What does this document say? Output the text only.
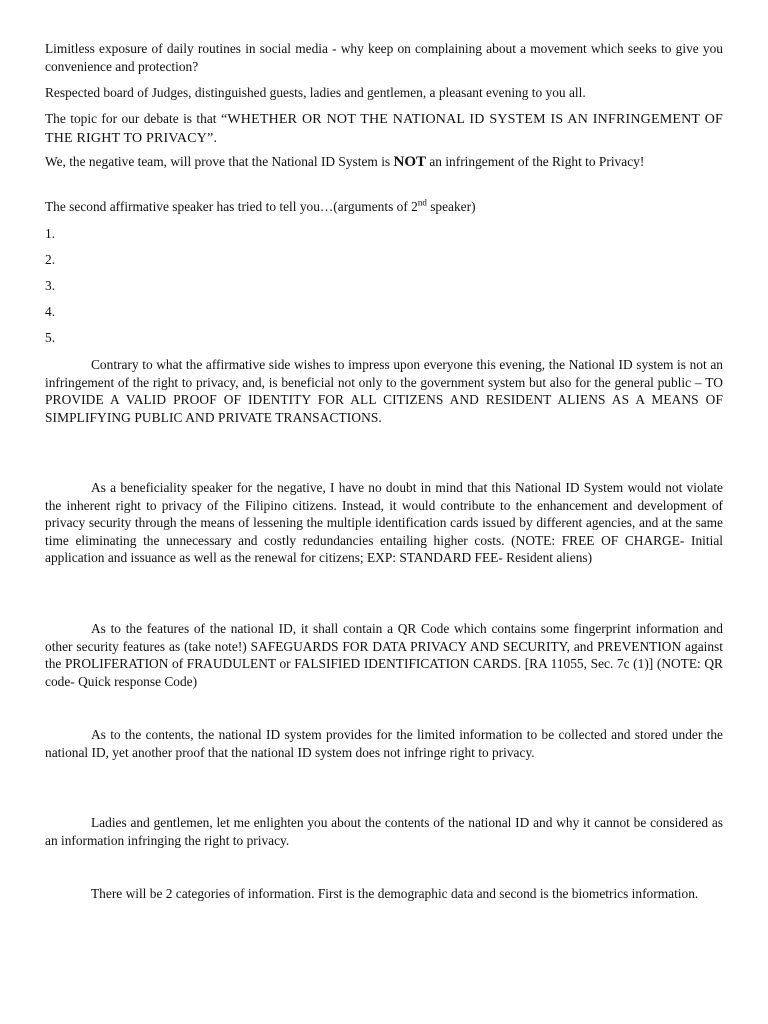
Limitless exposure of daily routines in social media - why keep on complaining about a movement which seeks to give you convenience and protection?

Respected board of Judges, distinguished guests, ladies and gentlemen, a pleasant evening to you all.

The topic for our debate is that “WHETHER OR NOT THE NATIONAL ID SYSTEM IS AN INFRINGEMENT OF THE RIGHT TO PRIVACY”.

We, the negative team, will prove that the National ID System is NOT an infringement of the Right to Privacy!

The second affirmative speaker has tried to tell you…(arguments of 2nd speaker)

1.

2.

3.

4.

5.

Contrary to what the affirmative side wishes to impress upon everyone this evening, the National ID system is not an infringement of the right to privacy, and, is beneficial not only to the government system but also for the general public – TO PROVIDE A VALID PROOF OF IDENTITY FOR ALL CITIZENS AND RESIDENT ALIENS AS A MEANS OF SIMPLIFYING PUBLIC AND PRIVATE TRANSACTIONS.

As a beneficiality speaker for the negative, I have no doubt in mind that this National ID System would not violate the inherent right to privacy of the Filipino citizens. Instead, it would contribute to the enhancement and development of privacy security through the means of lessening the multiple identification cards issued by different agencies, and at the same time eliminating the unnecessary and costly redundancies entailing higher costs. (NOTE: FREE OF CHARGE- Initial application and issuance as well as the renewal for citizens; EXP: STANDARD FEE- Resident aliens)

As to the features of the national ID, it shall contain a QR Code which contains some fingerprint information and other security features as (take note!) SAFEGUARDS FOR DATA PRIVACY AND SECURITY, and PREVENTION against the PROLIFERATION of FRAUDULENT or FALSIFIED IDENTIFICATION CARDS. [RA 11055, Sec. 7c (1)] (NOTE: QR code- Quick response Code)

As to the contents, the national ID system provides for the limited information to be collected and stored under the national ID, yet another proof that the national ID system does not infringe right to privacy.

Ladies and gentlemen, let me enlighten you about the contents of the national ID and why it cannot be considered as an information infringing the right to privacy.

There will be 2 categories of information. First is the demographic data and second is the biometrics information.
